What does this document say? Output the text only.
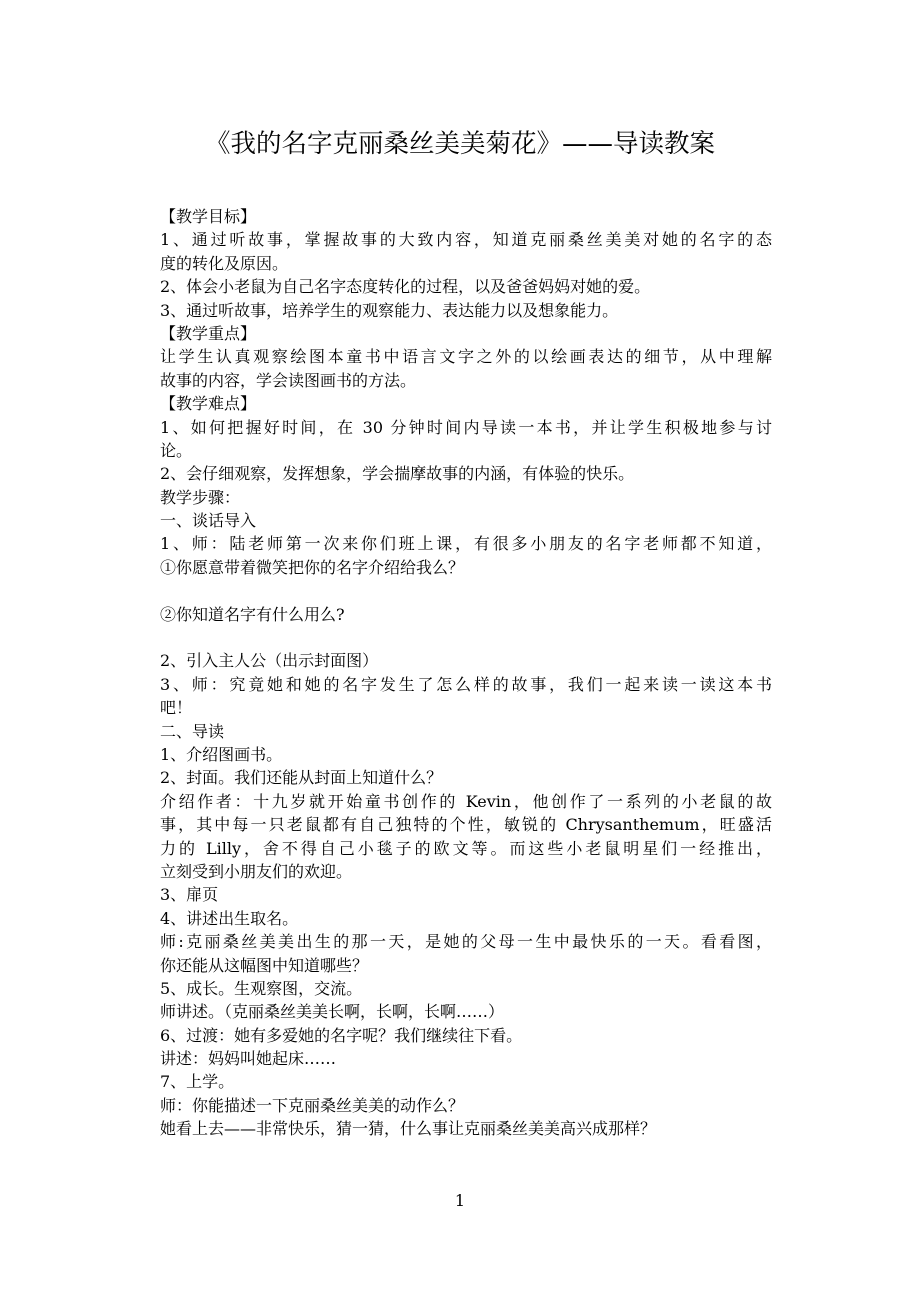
《我的名字克丽桑丝美美菊花》——导读教案
【教学目标】
1、通过听故事，掌握故事的大致内容，知道克丽桑丝美美对她的名字的态
度的转化及原因。
2、体会小老鼠为自己名字态度转化的过程，以及爸爸妈妈对她的爱。
3、通过听故事，培养学生的观察能力、表达能力以及想象能力。
【教学重点】
让学生认真观察绘图本童书中语言文字之外的以绘画表达的细节，从中理解
故事的内容，学会读图画书的方法。
【教学难点】
1、如何把握好时间，在 30 分钟时间内导读一本书，并让学生积极地参与讨
论。
2、会仔细观察，发挥想象，学会揣摩故事的内涵，有体验的快乐。
教学步骤：
一、谈话导入
1、师：陆老师第一次来你们班上课，有很多小朋友的名字老师都不知道，
①你愿意带着微笑把你的名字介绍给我么？
②你知道名字有什么用么?
2、引入主人公（出示封面图）
3、师：究竟她和她的名字发生了怎么样的故事，我们一起来读一读这本书
吧！
二、导读
1、介绍图画书。
2、封面。我们还能从封面上知道什么？
介绍作者：十九岁就开始童书创作的 Kevin，他创作了一系列的小老鼠的故
事，其中每一只老鼠都有自己独特的个性，敏锐的 Chrysanthemum，旺盛活
力的 Lilly，舍不得自己小毯子的欧文等。而这些小老鼠明星们一经推出，
立刻受到小朋友们的欢迎。
3、扉页
4、讲述出生取名。
师:克丽桑丝美美出生的那一天，是她的父母一生中最快乐的一天。看看图，
你还能从这幅图中知道哪些？
5、成长。生观察图，交流。
师讲述。（克丽桑丝美美长啊，长啊，长啊……）
6、过渡：她有多爱她的名字呢？我们继续往下看。
讲述：妈妈叫她起床……
7、上学。
师：你能描述一下克丽桑丝美美的动作么？
她看上去——非常快乐，猜一猜，什么事让克丽桑丝美美高兴成那样？
1
